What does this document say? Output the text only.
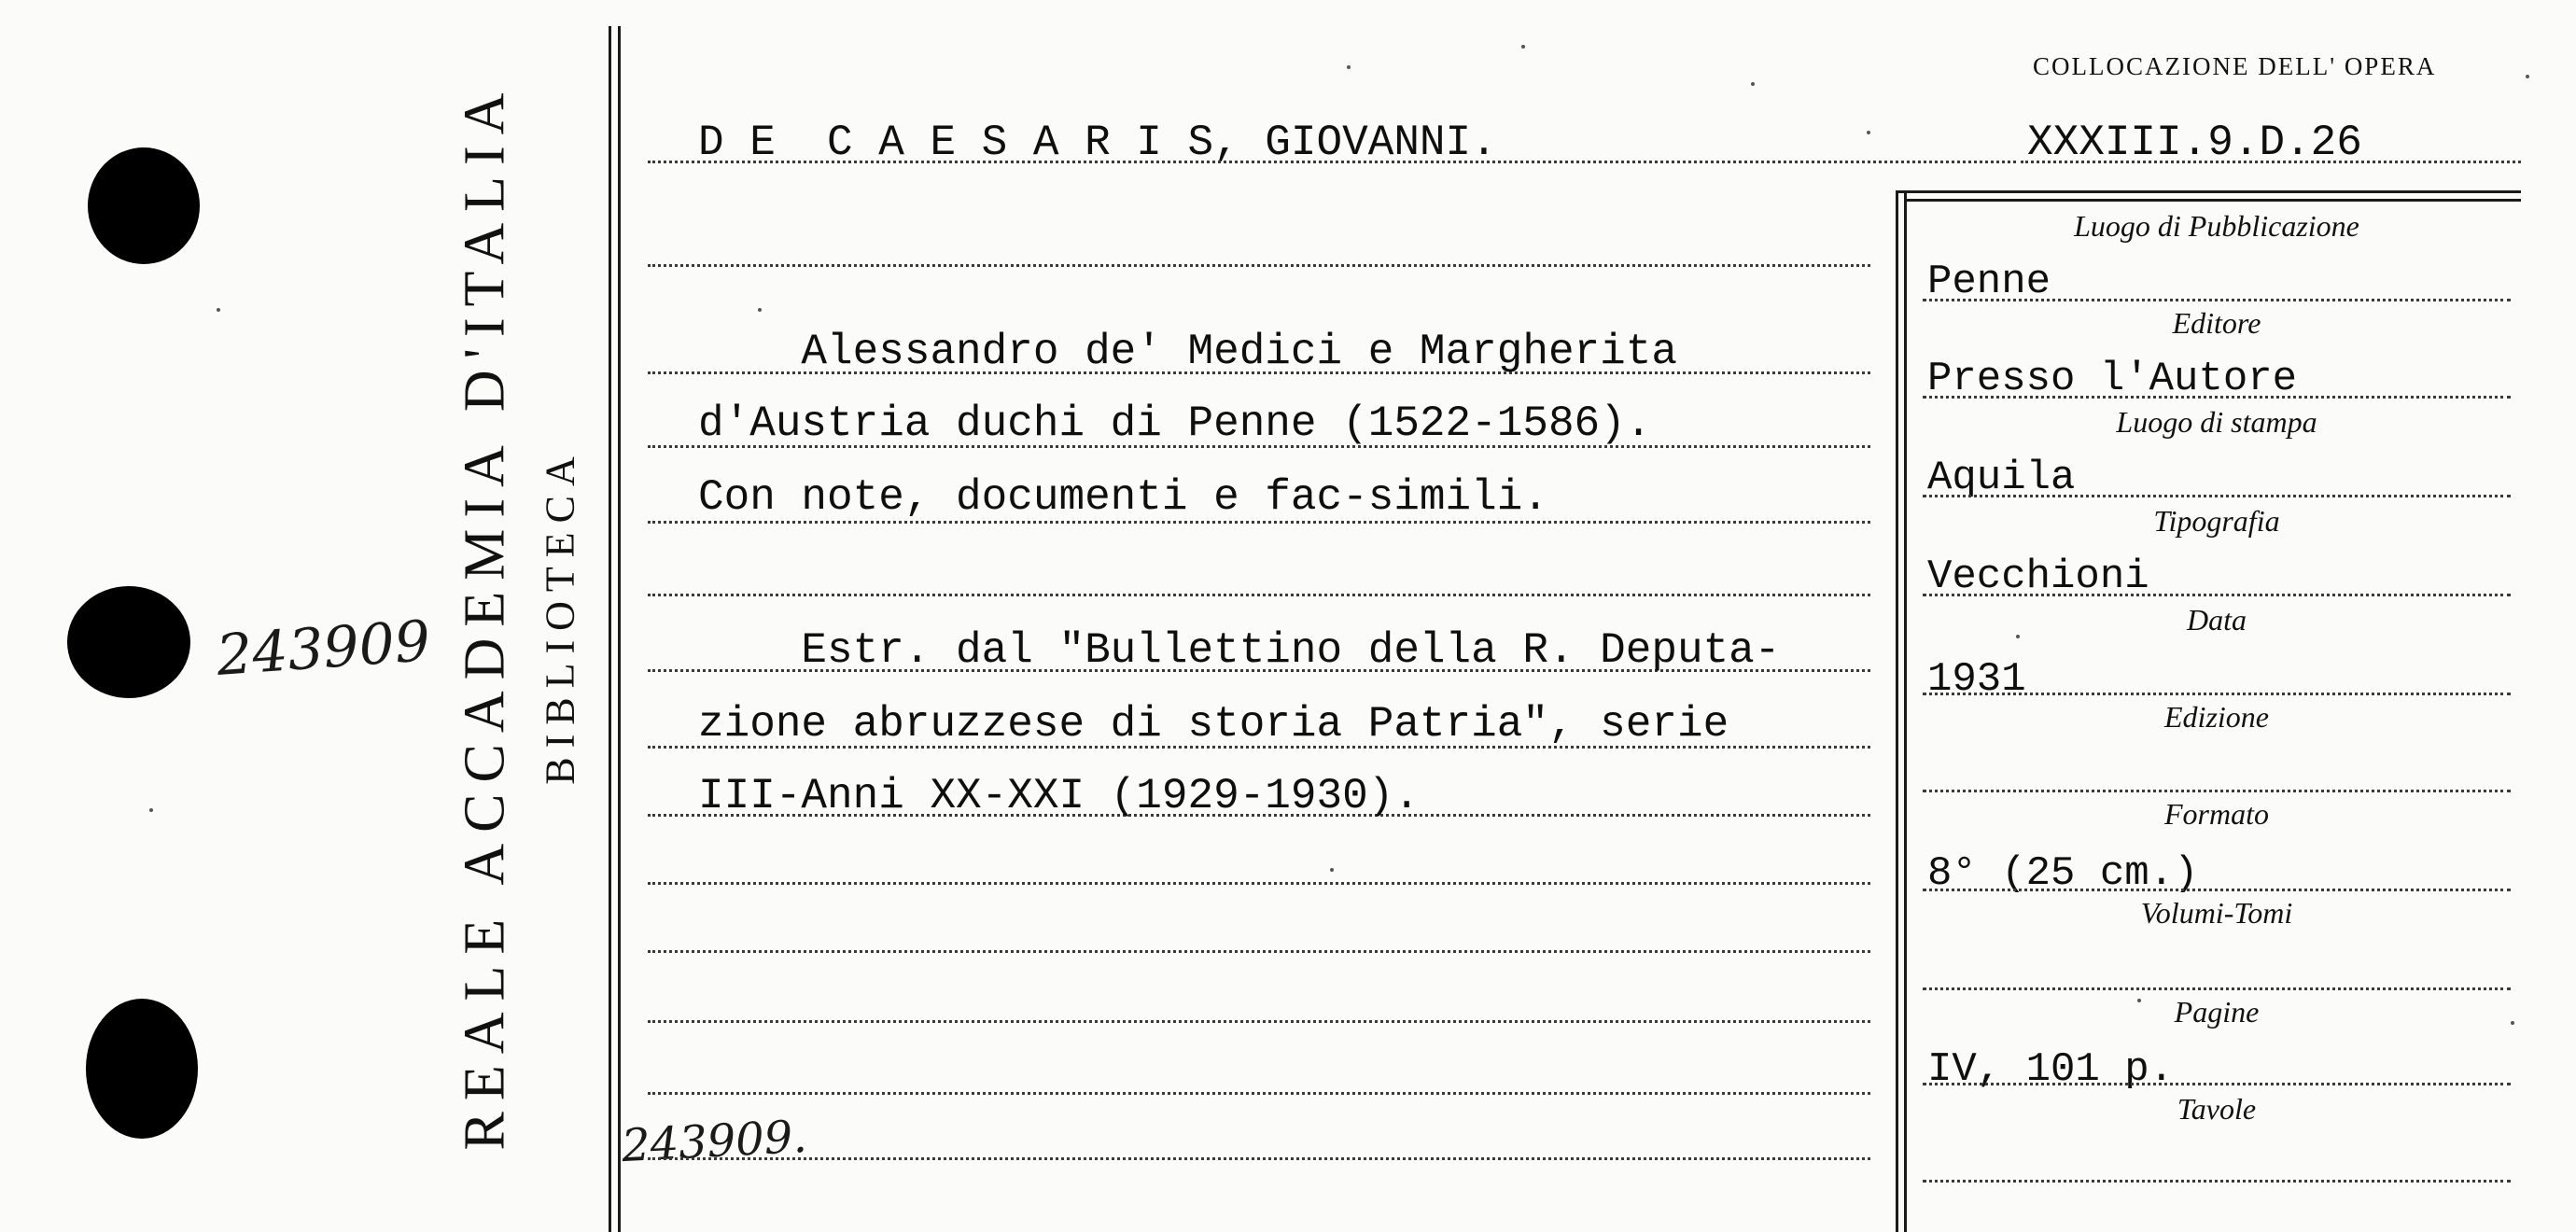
REALE ACCADEMIA D'ITALIA BIBLIOTECA
243909
243909.
COLLOCAZIONE DELL' OPERA
XXXIII.9.D.26
D E  C A E S A R I S, GIOVANNI.
Alessandro de' Medici e Margherita
d'Austria duchi di Penne (1522-1586).
Con note, documenti e fac-simili.
Estr. dal "Bullettino della R. Deputa-
zione abruzzese di storia Patria", serie
III-Anni XX-XXI (1929-1930).
Luogo di Pubblicazione
Penne
Editore
Presso l'Autore
Luogo di stampa
Aquila
Tipografia
Vecchioni
Data
1931
Edizione
Formato
8° (25 cm.)
Volumi-Tomi
Pagine
IV, 101 p.
Tavole
